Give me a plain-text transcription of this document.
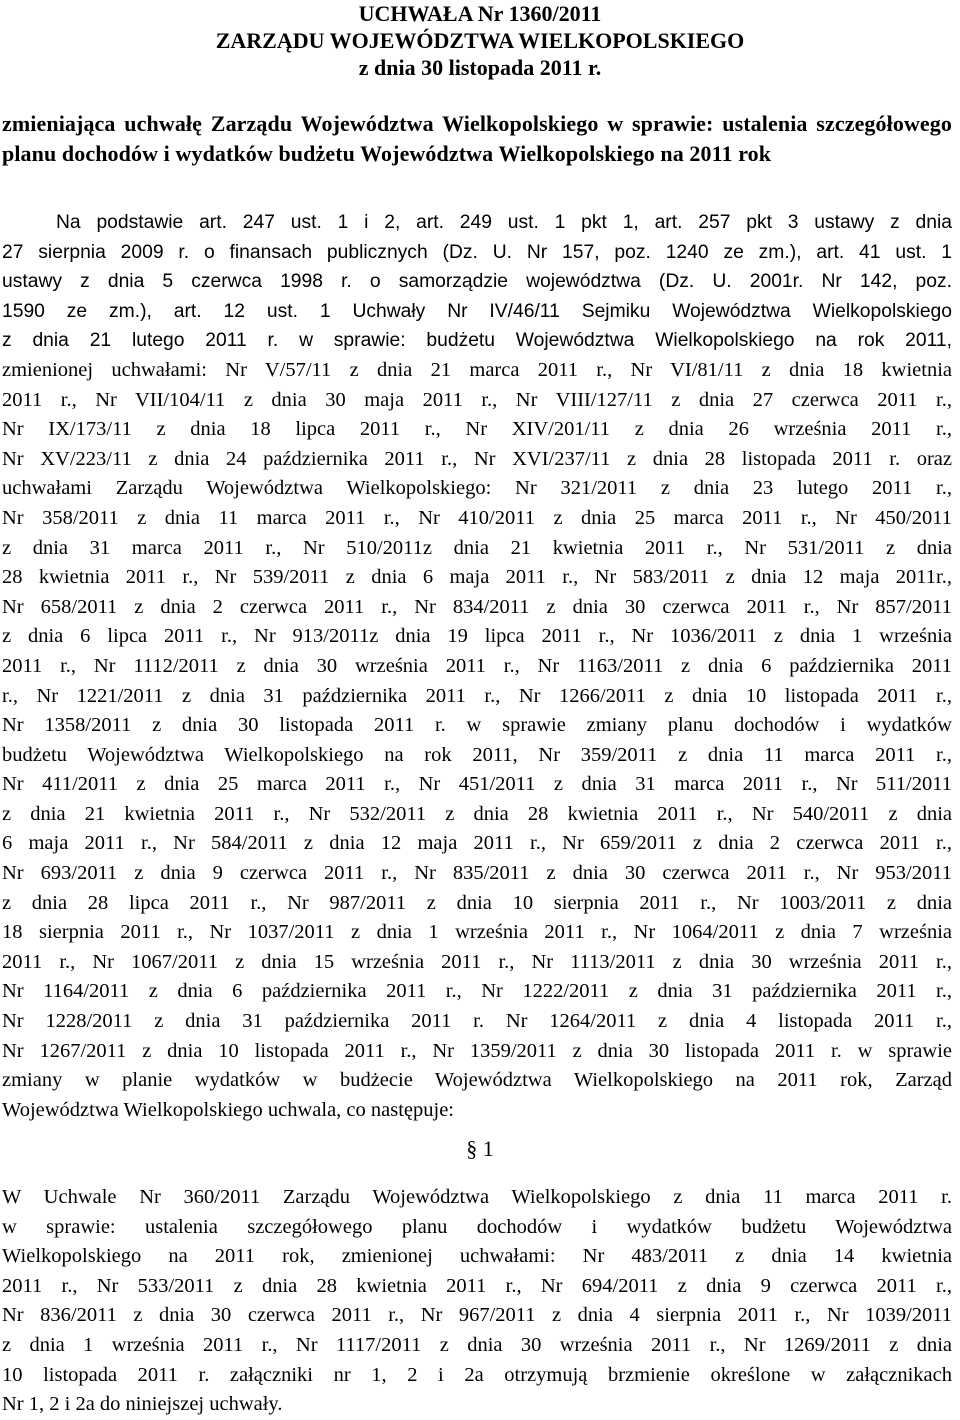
UCHWAŁA Nr 1360/2011
ZARZĄDU WOJEWÓDZTWA WIELKOPOLSKIEGO
z dnia 30 listopada 2011 r.
zmieniająca uchwałę Zarządu Województwa Wielkopolskiego w sprawie: ustalenia szczegółowego planu dochodów i wydatków budżetu Województwa Wielkopolskiego na 2011 rok
Na podstawie art. 247 ust. 1 i 2, art. 249 ust. 1 pkt 1, art. 257 pkt 3 ustawy z dnia
27 sierpnia 2009 r. o finansach publicznych (Dz. U. Nr 157, poz. 1240 ze zm.), art. 41 ust. 1
ustawy z dnia 5 czerwca 1998 r. o samorządzie województwa (Dz. U. 2001r. Nr 142, poz.
1590 ze zm.), art. 12 ust. 1 Uchwały Nr IV/46/11 Sejmiku Województwa Wielkopolskiego
z dnia 21 lutego 2011 r. w sprawie: budżetu Województwa Wielkopolskiego na rok 2011,
zmienionej uchwałami: Nr V/57/11 z dnia 21 marca 2011 r., Nr VI/81/11 z dnia 18 kwietnia
2011 r., Nr VII/104/11 z dnia 30 maja 2011 r., Nr VIII/127/11 z dnia 27 czerwca 2011 r.,
Nr IX/173/11 z dnia 18 lipca 2011 r., Nr XIV/201/11 z dnia 26 września 2011 r.,
Nr XV/223/11 z dnia 24 października 2011 r., Nr XVI/237/11 z dnia 28 listopada 2011 r. oraz
uchwałami Zarządu Województwa Wielkopolskiego: Nr 321/2011 z dnia 23 lutego 2011 r.,
Nr 358/2011 z dnia 11 marca 2011 r., Nr 410/2011 z dnia 25 marca 2011 r., Nr 450/2011
z dnia 31 marca 2011 r., Nr 510/2011z dnia 21 kwietnia 2011 r., Nr 531/2011 z dnia
28 kwietnia 2011 r., Nr 539/2011 z dnia 6 maja 2011 r., Nr 583/2011 z dnia 12 maja 2011r.,
Nr 658/2011 z dnia 2 czerwca 2011 r., Nr 834/2011 z dnia 30 czerwca 2011 r., Nr 857/2011
z dnia 6 lipca 2011 r., Nr 913/2011z dnia 19 lipca 2011 r., Nr 1036/2011 z dnia 1 września
2011 r., Nr 1112/2011 z dnia 30 września 2011 r., Nr 1163/2011 z dnia 6 października 2011
r., Nr 1221/2011 z dnia 31 października 2011 r., Nr 1266/2011 z dnia 10 listopada 2011 r.,
Nr 1358/2011 z dnia 30 listopada 2011 r. w sprawie zmiany planu dochodów i wydatków
budżetu Województwa Wielkopolskiego na rok 2011, Nr 359/2011 z dnia 11 marca 2011 r.,
Nr 411/2011 z dnia 25 marca 2011 r., Nr 451/2011 z dnia 31 marca 2011 r., Nr 511/2011
z dnia 21 kwietnia 2011 r., Nr 532/2011 z dnia 28 kwietnia 2011 r., Nr 540/2011 z dnia
6 maja 2011 r., Nr 584/2011 z dnia 12 maja 2011 r., Nr 659/2011 z dnia 2 czerwca 2011 r.,
Nr 693/2011 z dnia 9 czerwca 2011 r., Nr 835/2011 z dnia 30 czerwca 2011 r., Nr 953/2011
z dnia 28 lipca 2011 r., Nr 987/2011 z dnia 10 sierpnia 2011 r., Nr 1003/2011 z dnia
18 sierpnia 2011 r., Nr 1037/2011 z dnia 1 września 2011 r., Nr 1064/2011 z dnia 7 września
2011 r., Nr 1067/2011 z dnia 15 września 2011 r., Nr 1113/2011 z dnia 30 września 2011 r.,
Nr 1164/2011 z dnia 6 października 2011 r., Nr 1222/2011 z dnia 31 października 2011 r.,
Nr 1228/2011 z dnia 31 października 2011 r. Nr 1264/2011 z dnia 4 listopada 2011 r.,
Nr 1267/2011 z dnia 10 listopada 2011 r., Nr 1359/2011 z dnia 30 listopada 2011 r. w sprawie
zmiany w planie wydatków w budżecie Województwa Wielkopolskiego na 2011 rok, Zarząd
Województwa Wielkopolskiego uchwala, co następuje:
§ 1
W Uchwale Nr 360/2011 Zarządu Województwa Wielkopolskiego z dnia 11 marca 2011 r.
w sprawie: ustalenia szczegółowego planu dochodów i wydatków budżetu Województwa
Wielkopolskiego na 2011 rok, zmienionej uchwałami: Nr 483/2011 z dnia 14 kwietnia
2011 r., Nr 533/2011 z dnia 28 kwietnia 2011 r., Nr 694/2011 z dnia 9 czerwca 2011 r.,
Nr 836/2011 z dnia 30 czerwca 2011 r., Nr 967/2011 z dnia 4 sierpnia 2011 r., Nr 1039/2011
z dnia 1 września 2011 r., Nr 1117/2011 z dnia 30 września 2011 r., Nr 1269/2011 z dnia
10 listopada 2011 r. załączniki nr 1, 2 i 2a otrzymują brzmienie określone w załącznikach
Nr 1, 2 i 2a do niniejszej uchwały.
